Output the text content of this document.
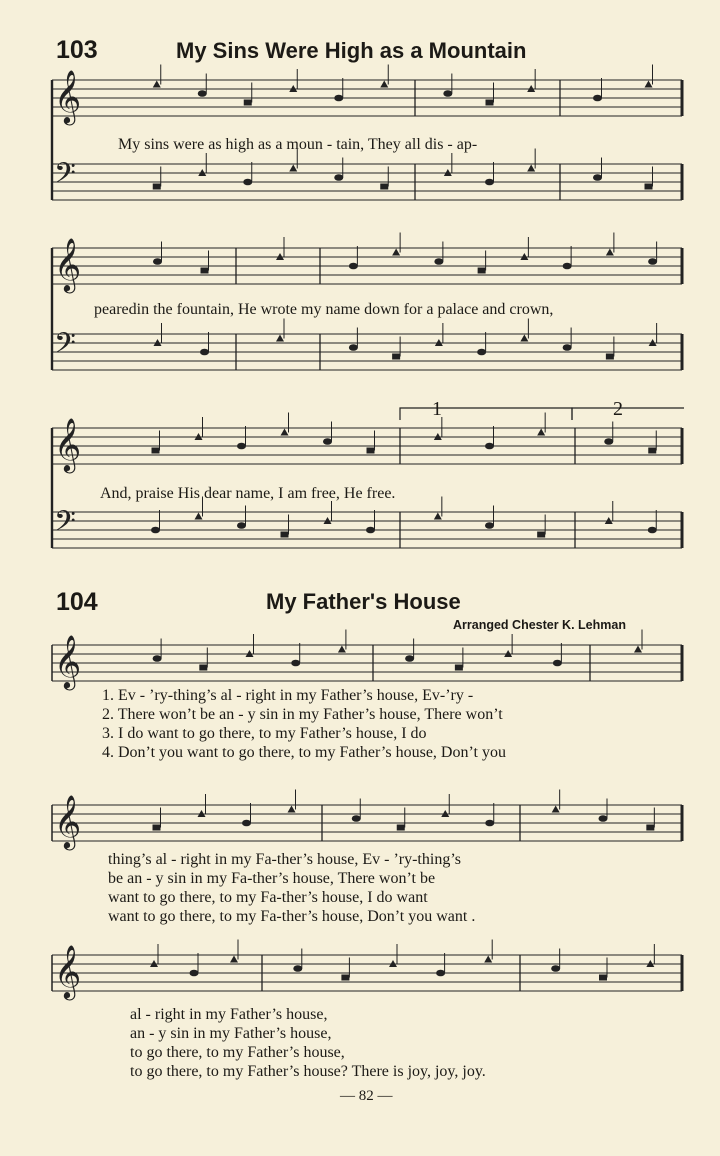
103	My Sins Were High as a Mountain
104	My Father's House
Arranged Chester K. Lehman
𝄞
𝄢
𝄞
𝄢
𝄞
𝄢
𝄞
𝄞
𝄞
1	2
My sins were as high as a moun - tain, They all dis - ap-
pearedin the fountain, He wrote my name down for a palace and crown,
And, praise His dear name, I am free, He free.
1. Ev - ’ry-thing’s al - right in my Father’s house, Ev-’ry -
2. There won’t be an - y sin in my Father’s house, There won’t
3. I do want to go there, to my Father’s house, I do
4. Don’t you want to go there, to my Father’s house, Don’t you
thing’s al - right in my Fa-ther’s house, Ev - ’ry-thing’s
be an - y sin in my Fa-ther’s house, There won’t be
want to go there, to my Fa-ther’s house, I do want
want to go there, to my Fa-ther’s house, Don’t you want .
al - right in my Father’s house,
an - y sin in my Father’s house,
to go there, to my Father’s house,
to go there, to my Father’s house? There is joy, joy, joy.
— 82 —
